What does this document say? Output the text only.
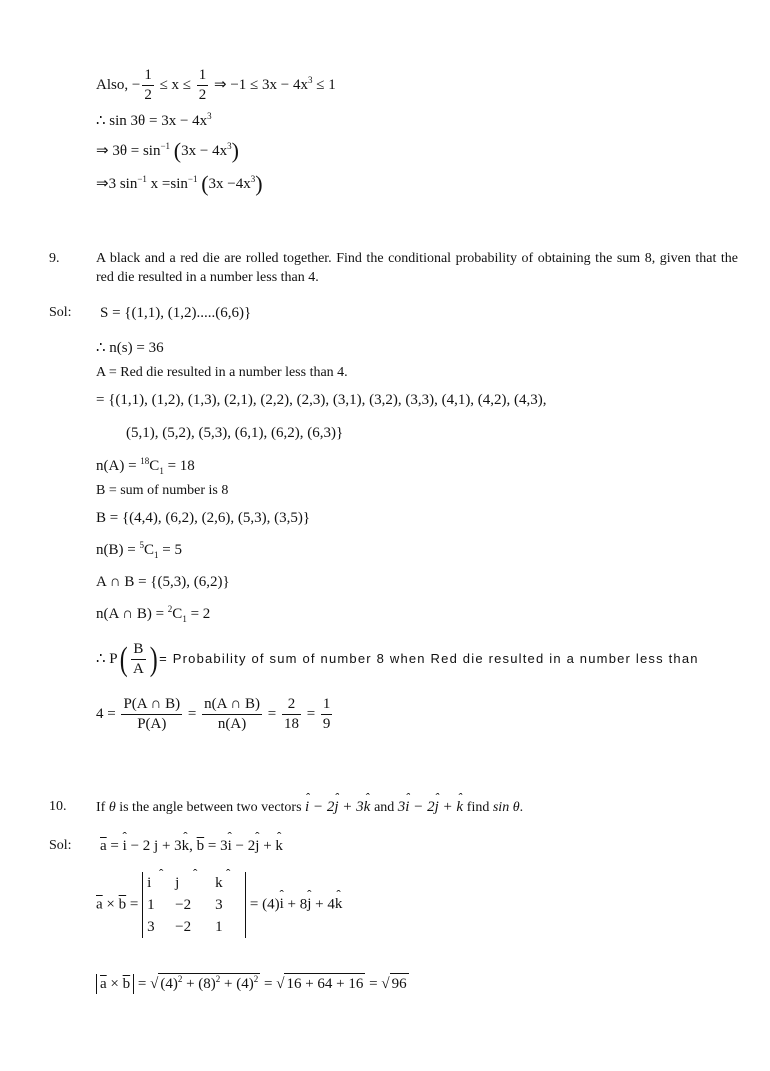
Also, − $\frac{1}{2} \le x \le \frac{1}{2}$ ⇒ $-1 \le 3x - 4x^3 \le 1$
∴ $\sin 3\theta = 3x - 4x^3$
⇒ $3\theta = \sin^{-1} (3x - 4x^3)$
⇒3 $\sin^{-1} x =\sin^{-1}$ $(3x -4x^3)$
9.	A black and a red die are rolled together. Find the conditional probability of obtaining the sum 8, given that the red die resulted in a number less than 4.
Sol: S = {(1,1), (1,2).....(6,6)}
∴ n(s) = 36
A = Red die resulted in a number less than 4.
= {(1,1), (1,2), (1,3), (2,1), (2,2), (2,3), (3,1), (3,2), (3,3), (4,1), (4,2), (4,3),
(5,1), (5,2), (5,3), (6,1), (6,2), (6,3)}
$n(A) = ^{18}C_1 = 18$
B = sum of number is 8
B = {(4,4), (6,2), (2,6), (5,3), (3,5)}
$n(B) = ^5C_1 = 5$
A ∩ B = {(5,3), (6,2)}
n(A ∩ $B) = ^2C_1 = 2$
∴ $P( \frac{B}{A}$ ) = Probability of sum of number 8 when Red die resulted in a number less than
$4 = \frac{P(A \cap B)}{P(A)} = \frac{n(A \cap B)}{n(A)} = \frac{2}{18} = \frac{1}{9}$
10. If θ is the angle between two vectors ˆ i − 2ˆ j + 3ˆ k and 3ˆ i − 2ˆ j + ˆ k find sin θ.
Sol: $\overline{a}$ = ˆ i − 2 j + 3ˆ k, $\overline{b}$ = 3ˆ i − 2ˆ j + ˆ k
$\overline{a} \times \overline{b}$ =
ˆ i	ˆ j	ˆ k
1	−2	3
3	−2	1
= (4)ˆ i + 8ˆ j + 4ˆ k
$\overline{a} \times \overline{b}$ = √ $(4)^2 + (8)^2 + (4)^2$ = √ 16 + 64 + 16 = √ 96
